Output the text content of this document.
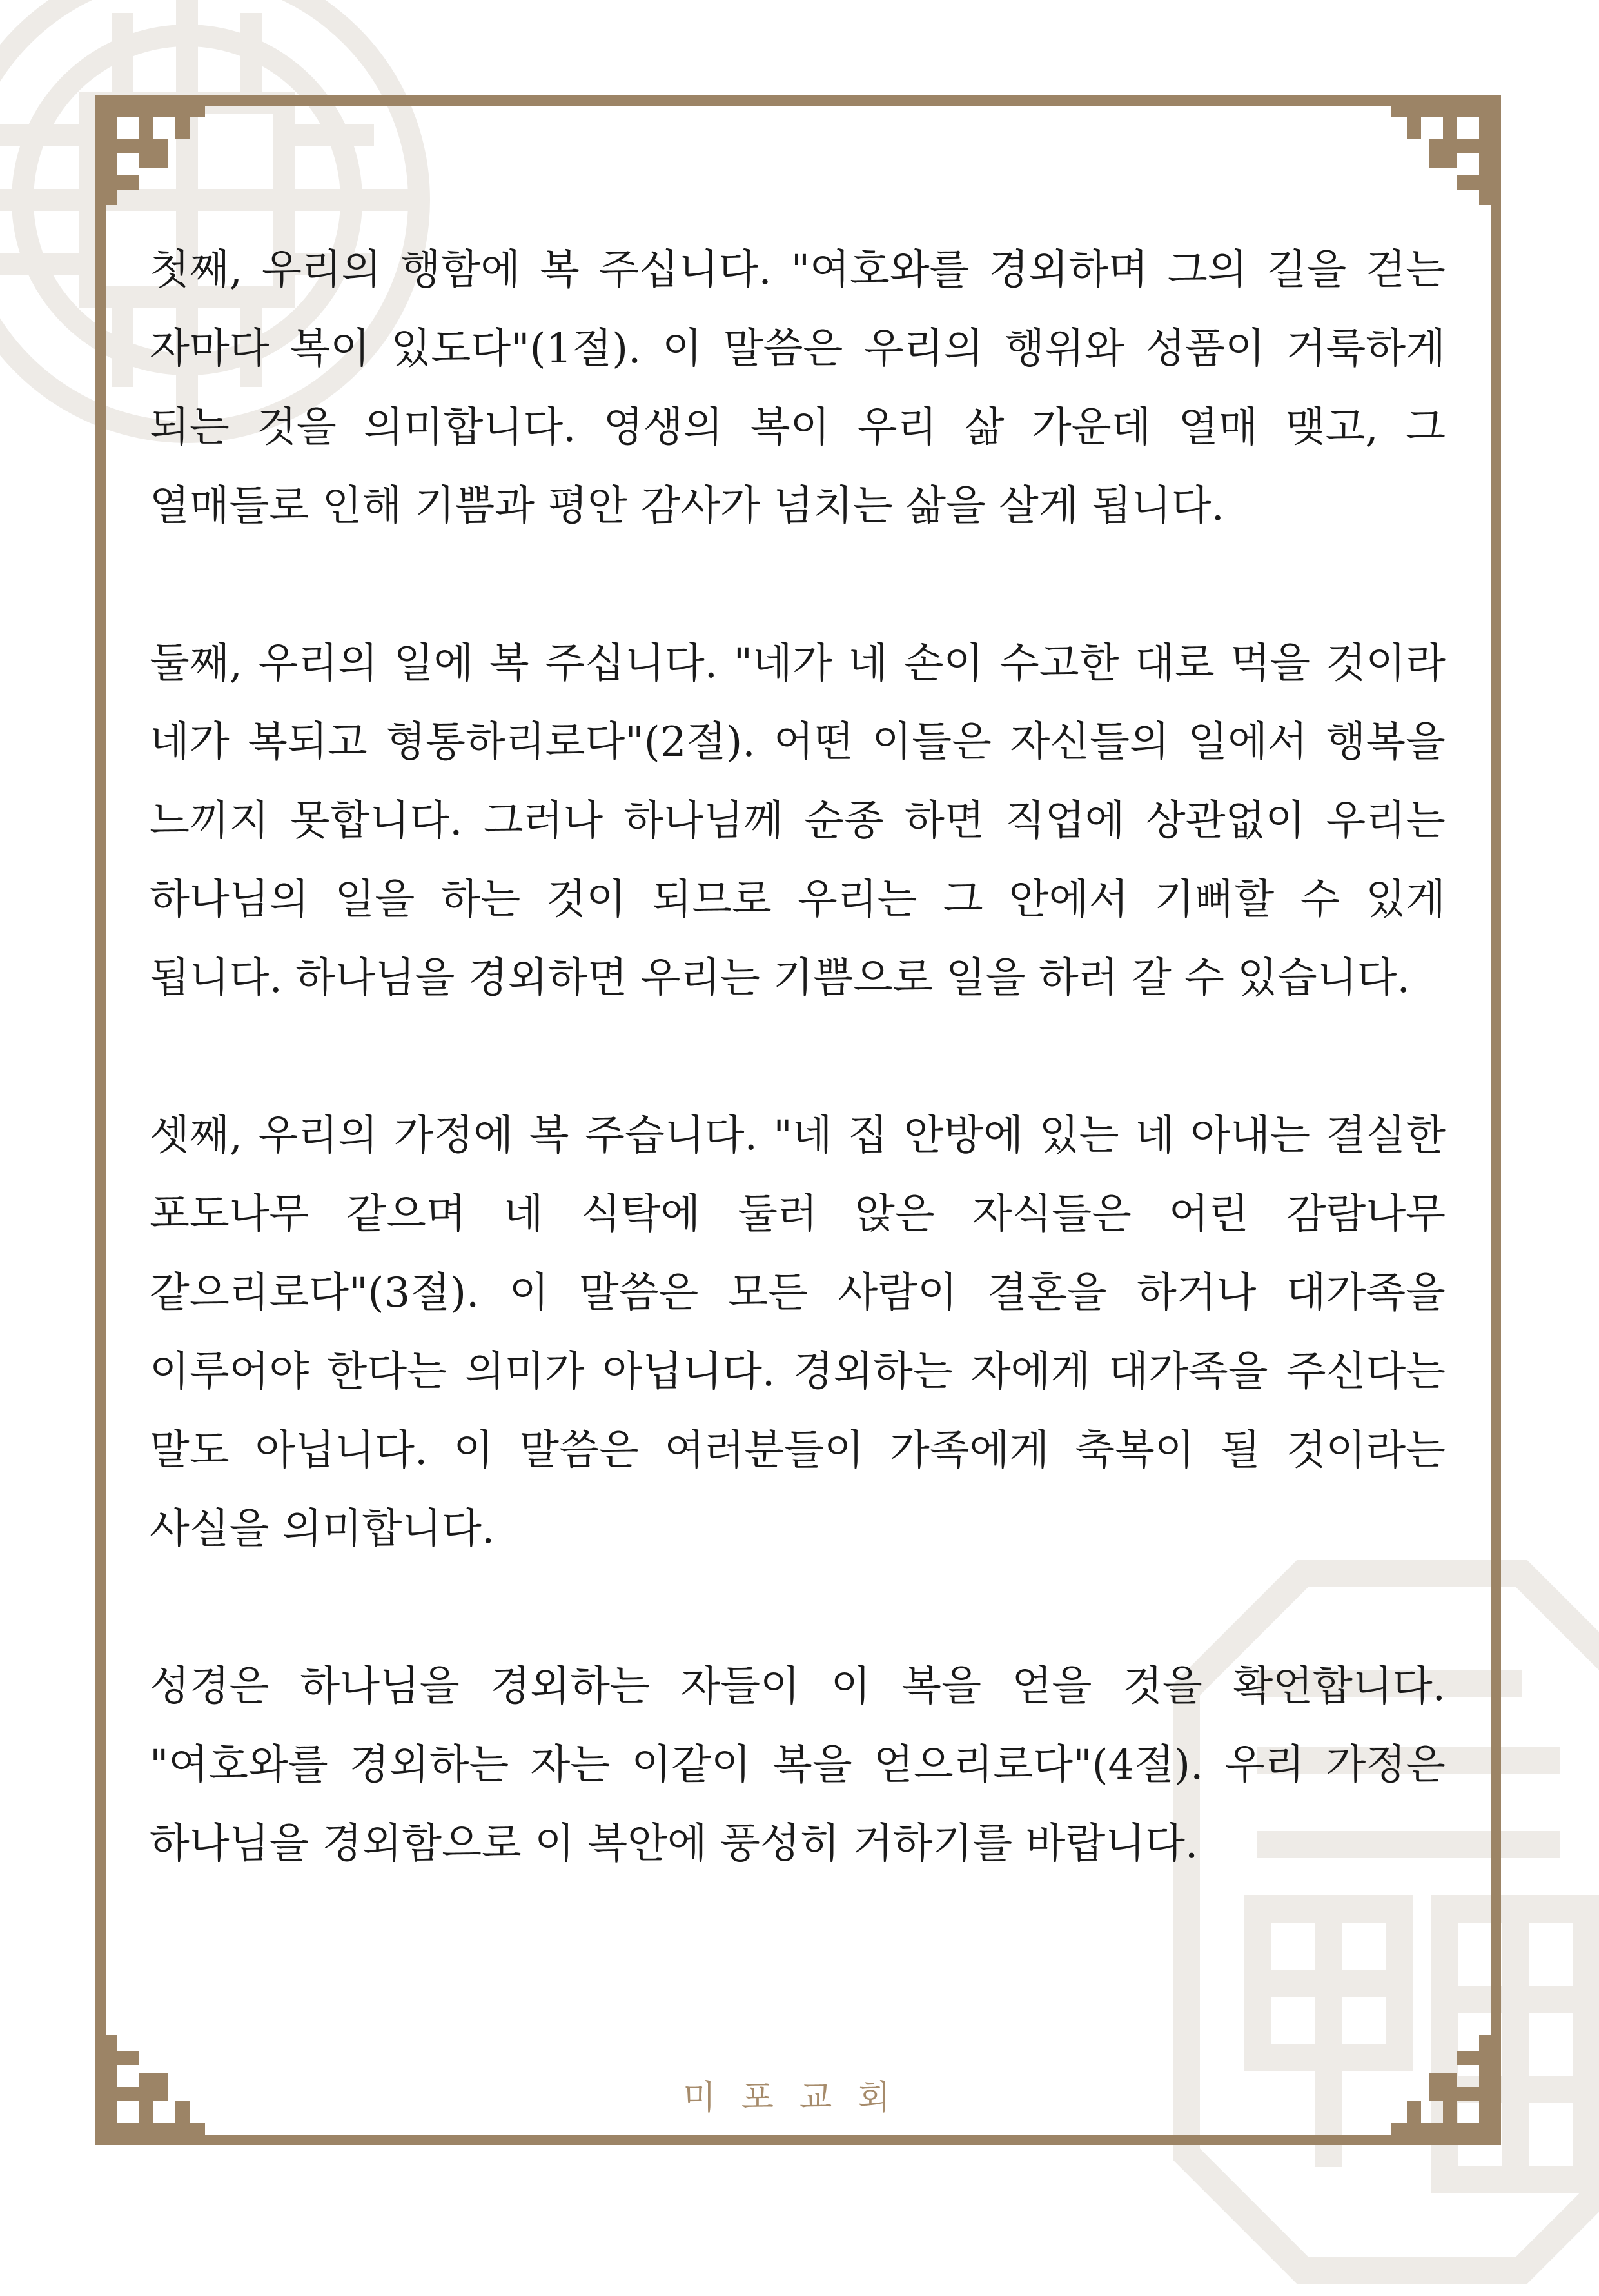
첫째, 우리의 행함에 복 주십니다. "여호와를 경외하며 그의 길을 걷는 자마다 복이 있도다"(1절). 이 말씀은 우리의 행위와 성품이 거룩하게 되는 것을 의미합니다. 영생의 복이 우리 삶 가운데 열매 맺고, 그 열매들로 인해 기쁨과 평안 감사가 넘치는 삶을 살게 됩니다.

둘째, 우리의 일에 복 주십니다. "네가 네 손이 수고한 대로 먹을 것이라 네가 복되고 형통하리로다"(2절). 어떤 이들은 자신들의 일에서 행복을 느끼지 못합니다. 그러나 하나님께 순종 하면 직업에 상관없이 우리는 하나님의 일을 하는 것이 되므로 우리는 그 안에서 기뻐할 수 있게 됩니다. 하나님을 경외하면 우리는 기쁨으로 일을 하러 갈 수 있습니다.

셋째, 우리의 가정에 복 주습니다. "네 집 안방에 있는 네 아내는 결실한 포도나무 같으며 네 식탁에 둘러 앉은 자식들은 어린 감람나무 같으리로다"(3절). 이 말씀은 모든 사람이 결혼을 하거나 대가족을 이루어야 한다는 의미가 아닙니다. 경외하는 자에게 대가족을 주신다는 말도 아닙니다. 이 말씀은 여러분들이 가족에게 축복이 될 것이라는 사실을 의미합니다.

성경은 하나님을 경외하는 자들이 이 복을 얻을 것을 확언합니다. "여호와를 경외하는 자는 이같이 복을 얻으리로다"(4절). 우리 가정은 하나님을 경외함으로 이 복안에 풍성히 거하기를 바랍니다.

미포교회
